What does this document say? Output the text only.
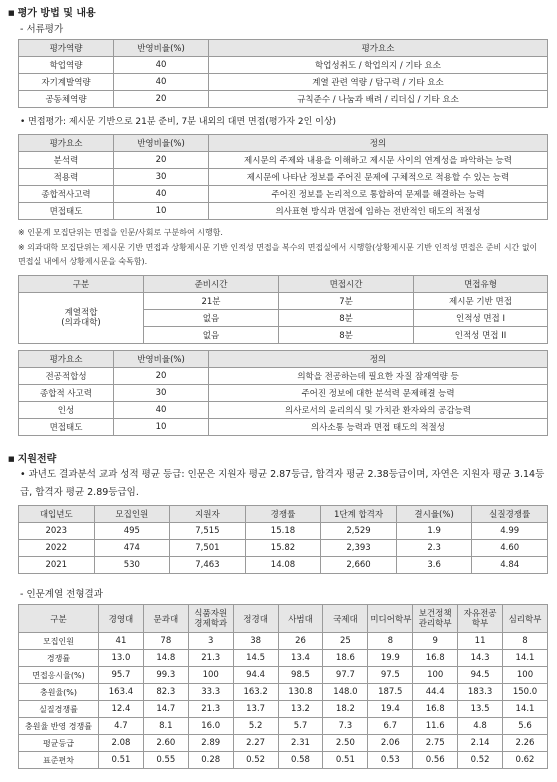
■ 평가 방법 및 내용
- 서류평가
평가역량	반영비율(%)	평가요소
학업역량	40	학업성취도 / 학업의지 / 기타 요소
자기계발역량	40	계열 관련 역량 / 탐구력 / 기타 요소
공동체역량	20	규칙준수 / 나눔과 배려 / 리더십 / 기타 요소
• 면접평가: 제시문 기반으로 21분 준비, 7분 내외의 대면 면접(평가자 2인 이상)
평가요소	반영비율(%)	정의
분석력	20	제시문의 주제와 내용을 이해하고 제시문 사이의 연계성을 파악하는 능력
적용력	30	제시문에 나타난 정보를 주어진 문제에 구체적으로 적용할 수 있는 능력
종합적사고력	40	주어진 정보를 논리적으로 통합하여 문제를 해결하는 능력
면접태도	10	의사표현 방식과 면접에 임하는 전반적인 태도의 적절성
※ 인문계 모집단위는 면접을 인문/사회로 구분하여 시행함.
※ 의과대학 모집단위는 제시문 기반 면접과 상황제시문 기반 인적성 면접을 복수의 면접실에서 시행함(상황제시문 기반 인적성 면접은 준비 시간 없이 면접실 내에서 상황제시문을 숙독함).
구분	준비시간	면접시간	면접유형

계열적합
(의과대학)	21분	7분	제시문 기반 면접
	없음	8분	인적성 면접 I
	없음	8분	인적성 면접 II
평가요소	반영비율(%)	정의
전공적합성	20	의학을 전공하는데 필요한 자질 잠재역량 등
종합적 사고력	30	주어진 정보에 대한 분석력 문제해결 능력
인성	40	의사로서의 윤리의식 및 가치관 환자와의 공감능력
면접태도	10	의사소통 능력과 면접 태도의 적절성
■ 지원전략
• 과년도 결과분석 교과 성적 평균 등급: 인문은 지원자 평균 2.87등급, 합격자 평균 2.38등급이며, 자연은 지원자 평균 3.14등급, 합격자 평균 2.89등급임.
대입년도	모집인원	지원자	경쟁률	1단계 합격자	결시율(%)	실질경쟁률
2023	495	7,515	15.18	2,529	1.9	4.99
2022	474	7,501	15.82	2,393	2.3	4.60
2021	530	7,463	14.08	2,660	3.6	4.84
- 인문계열 전형결과
구분	경영대	문과대	식품자원경제학과	정경대	사범대	국제대	미디어학부	보건정책관리학부	자유전공학부	심리학부
모집인원	41	78	3	38	26	25	8	9	11	8
경쟁률	13.0	14.8	21.3	14.5	13.4	18.6	19.9	16.8	14.3	14.1
면접응시율(%)	95.7	99.3	100	94.4	98.5	97.7	97.5	100	94.5	100
충원율(%)	163.4	82.3	33.3	163.2	130.8	148.0	187.5	44.4	183.3	150.0
실질경쟁률	12.4	14.7	21.3	13.7	13.2	18.2	19.4	16.8	13.5	14.1
충원율 반영 경쟁률	4.7	8.1	16.0	5.2	5.7	7.3	6.7	11.6	4.8	5.6
평균등급	2.08	2.60	2.89	2.27	2.31	2.50	2.06	2.75	2.14	2.26
표준편차	0.51	0.55	0.28	0.52	0.58	0.51	0.53	0.56	0.52	0.62
